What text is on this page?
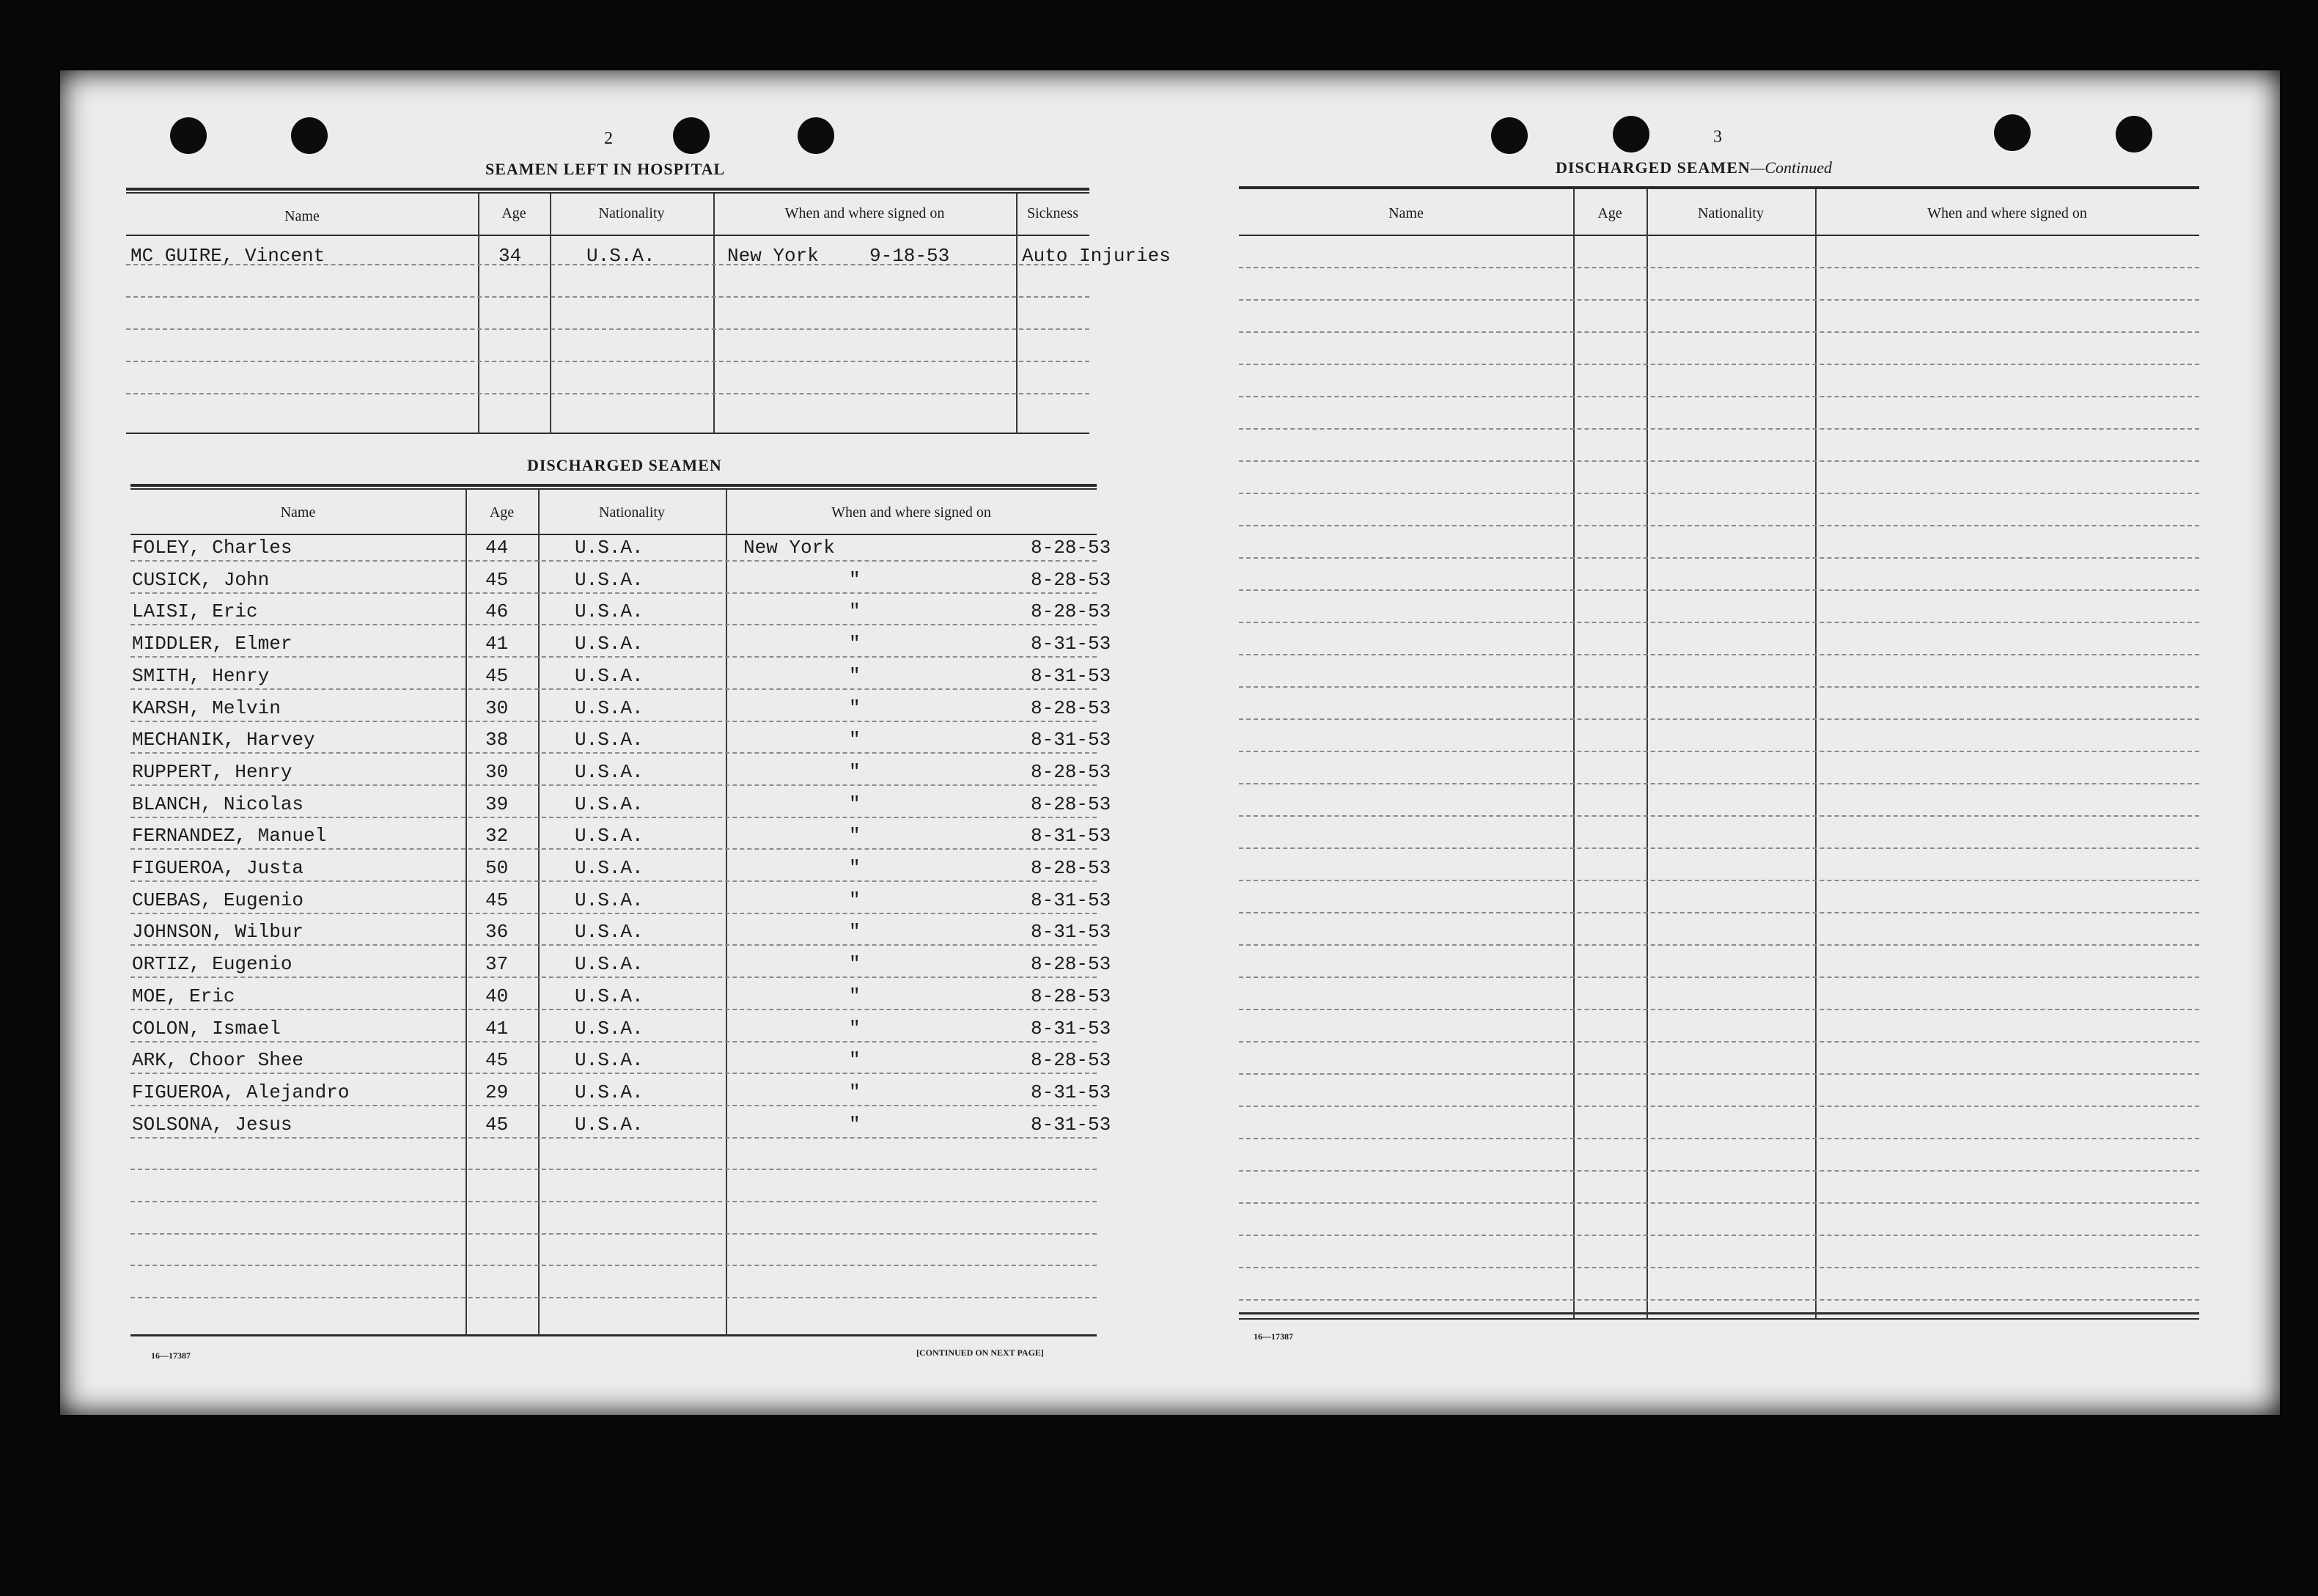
2	3
SEAMEN LEFT IN HOSPITAL
Name	Age	Nationality	When and where signed on	Sickness
MC GUIRE, Vincent	34	U.S.A.	New York	9-18-53	Auto Injuries
DISCHARGED SEAMEN
Name	Age	Nationality	When and where signed on
FOLEY, Charles	44	U.S.A.	New York	8-28-53
CUSICK, John	45	U.S.A.	"	8-28-53
LAISI, Eric	46	U.S.A.	"	8-28-53
MIDDLER, Elmer	41	U.S.A.	"	8-31-53
SMITH, Henry	45	U.S.A.	"	8-31-53
KARSH, Melvin	30	U.S.A.	"	8-28-53
MECHANIK, Harvey	38	U.S.A.	"	8-31-53
RUPPERT, Henry	30	U.S.A.	"	8-28-53
BLANCH, Nicolas	39	U.S.A.	"	8-28-53
FERNANDEZ, Manuel	32	U.S.A.	"	8-31-53
FIGUEROA, Justa	50	U.S.A.	"	8-28-53
CUEBAS, Eugenio	45	U.S.A.	"	8-31-53
JOHNSON, Wilbur	36	U.S.A.	"	8-31-53
ORTIZ, Eugenio	37	U.S.A.	"	8-28-53
MOE, Eric	40	U.S.A.	"	8-28-53
COLON, Ismael	41	U.S.A.	"	8-31-53
ARK, Choor Shee	45	U.S.A.	"	8-28-53
FIGUEROA, Alejandro	29	U.S.A.	"	8-31-53
SOLSONA, Jesus	45	U.S.A.	"	8-31-53
16—17387	[CONTINUED ON NEXT PAGE]
DISCHARGED SEAMEN—Continued
Name	Age	Nationality	When and where signed on
16—17387
